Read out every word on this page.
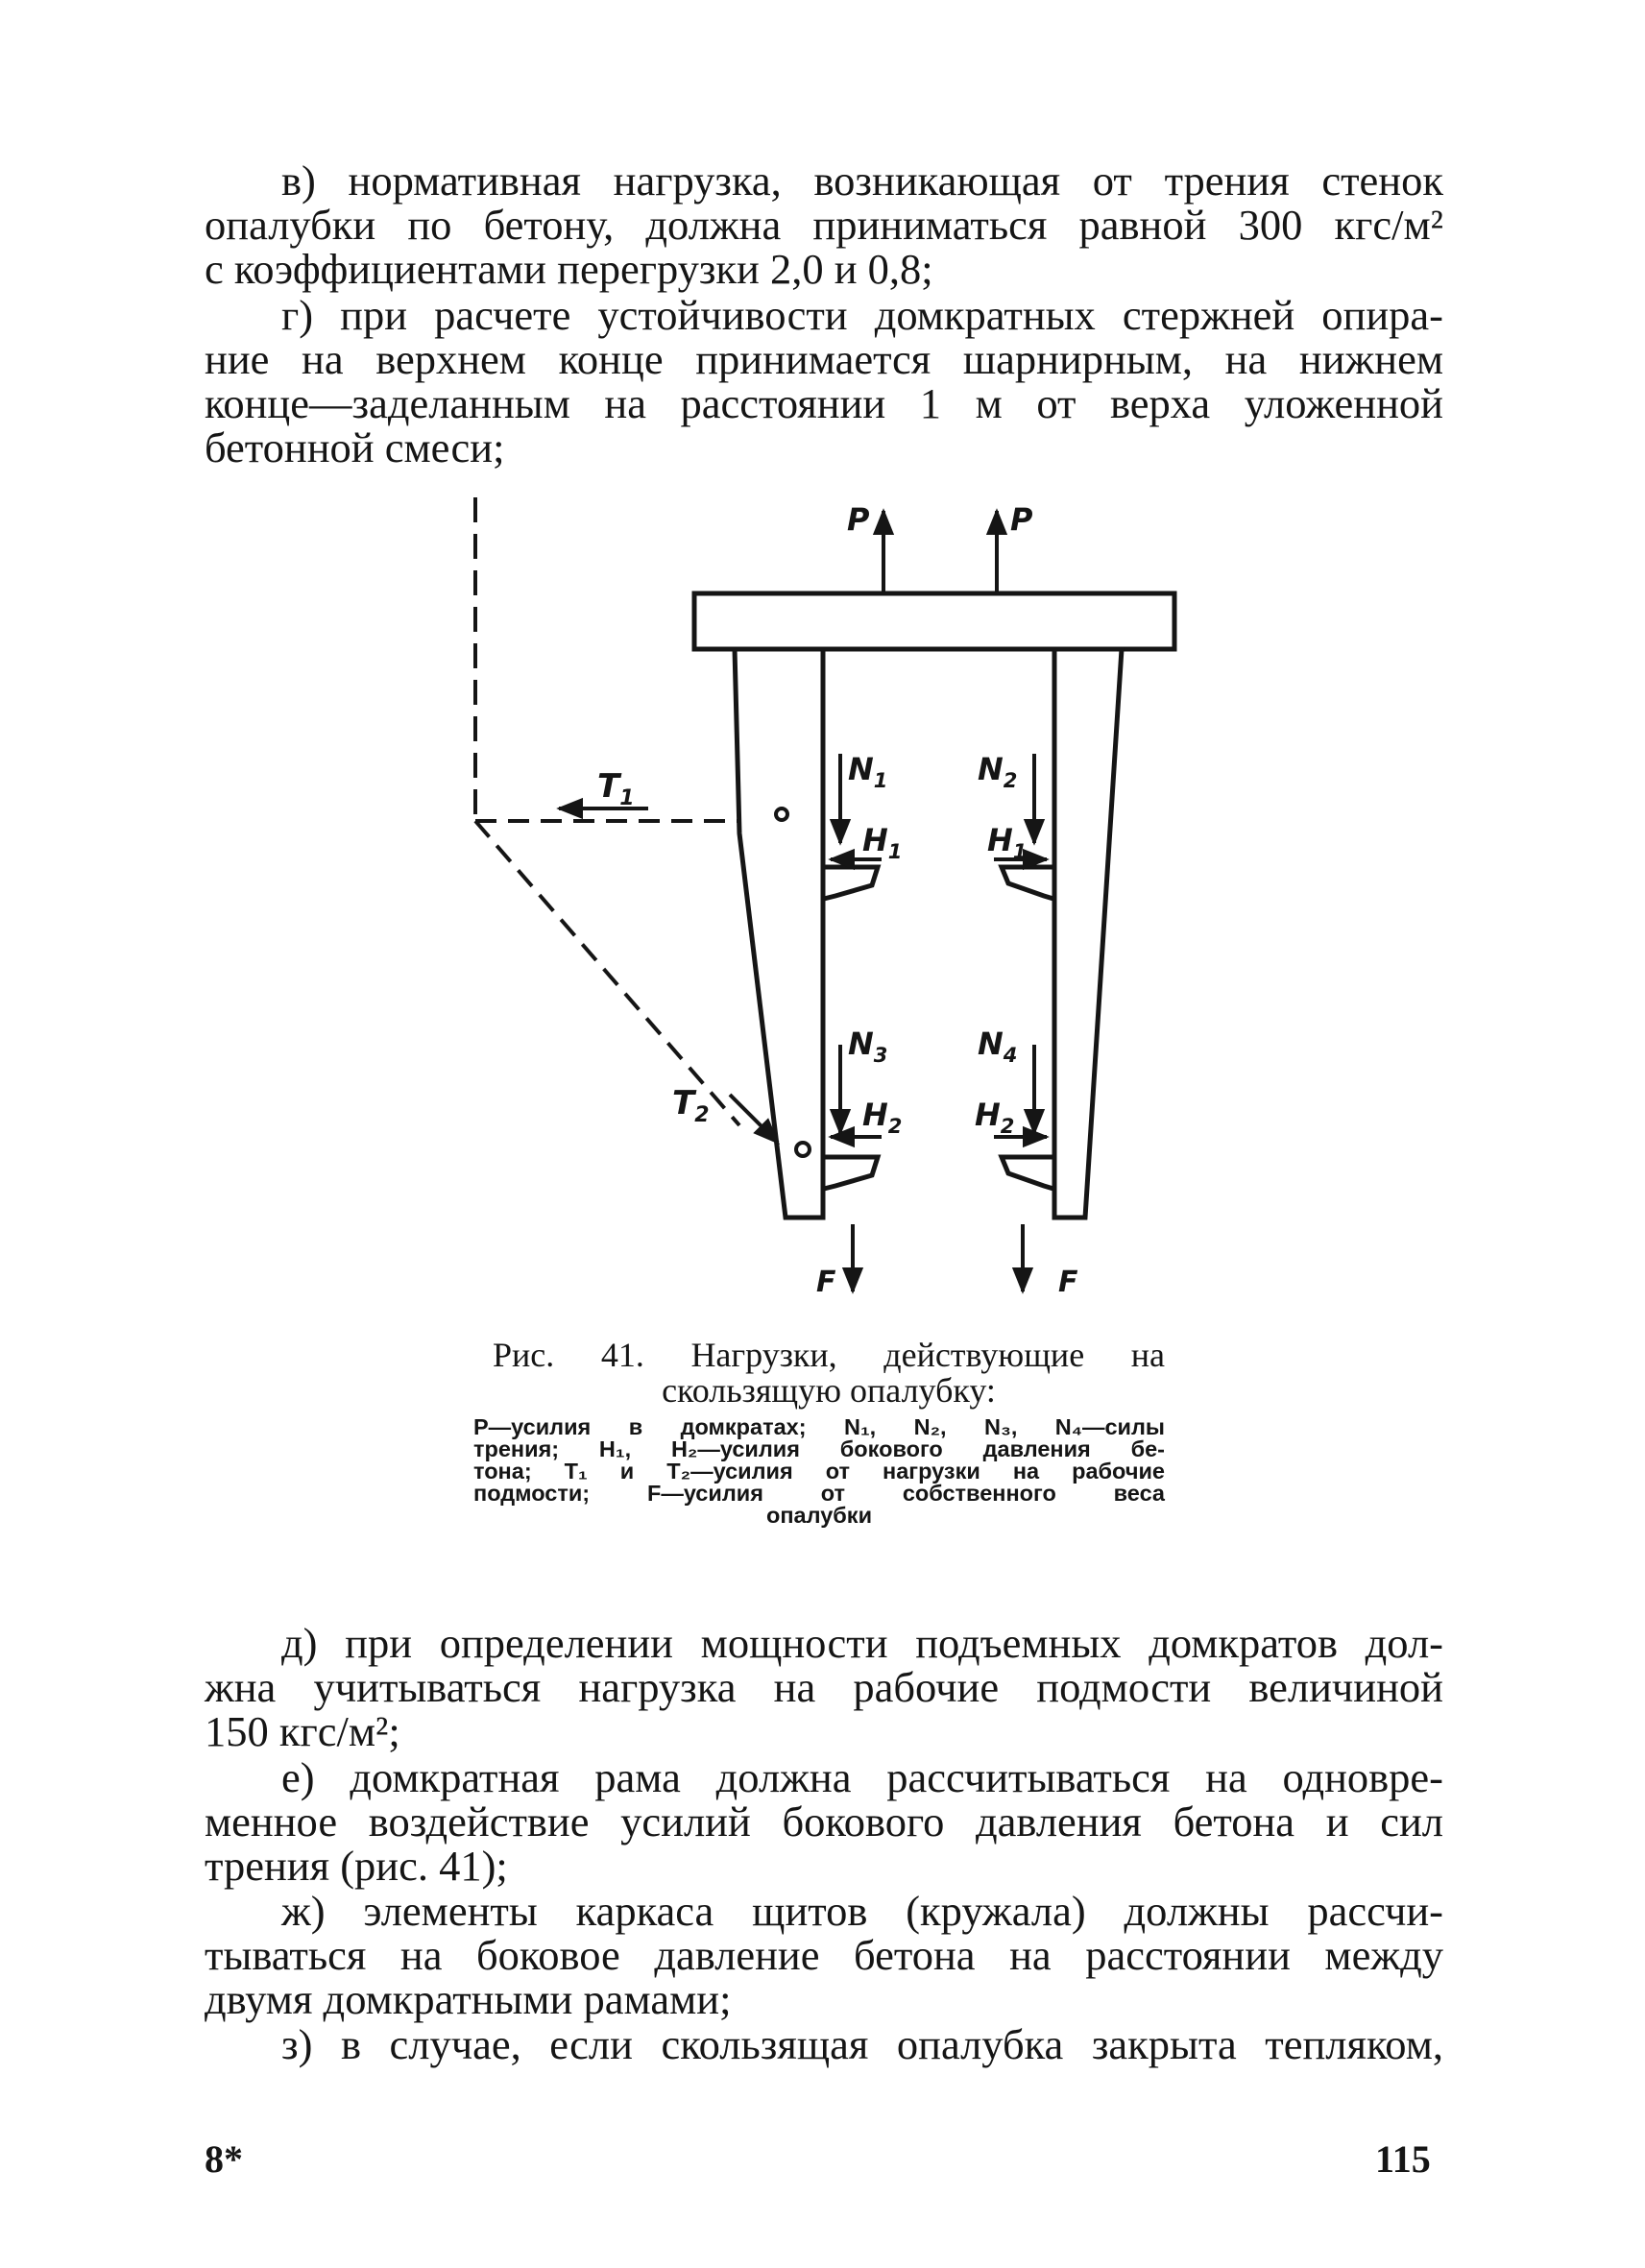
в) нормативная нагрузка, возникающая от трения стенок
опалубки по бетону, должна приниматься равной 300 кгс/м²
с коэффициентами перегрузки 2,0 и 0,8;
г) при расчете устойчивости домкратных стержней опира-
ние на верхнем конце принимается шарнирным, на нижнем
конце—заделанным на расстоянии 1 м от верха уложенной
бетонной смеси;
P	P
$T_1$
$T_2$
$N_1$	$N_2$
$N_3$	$N_4$
$H_1$	$H_1$
$H_2$ $H_2$
F	F
Рис. 41. Нагрузки, действующие на
скользящую опалубку:
P—усилия в домкратах; N₁, N₂, N₃, N₄—силы
трения; H₁, H₂—усилия бокового давления бе-
тона; T₁ и T₂—усилия от нагрузки на рабочие
подмости; F—усилия от собственного веса
опалубки
д) при определении мощности подъемных домкратов дол-
жна учитываться нагрузка на рабочие подмости величиной
150 кгс/м²;
е) домкратная рама должна рассчитываться на одновре-
менное воздействие усилий бокового давления бетона и сил
трения (рис. 41);
ж) элементы каркаса щитов (кружала) должны рассчи-
тываться на боковое давление бетона на расстоянии между
двумя домкратными рамами;
з) в случае, если скользящая опалубка закрыта тепляком,
8*	115
